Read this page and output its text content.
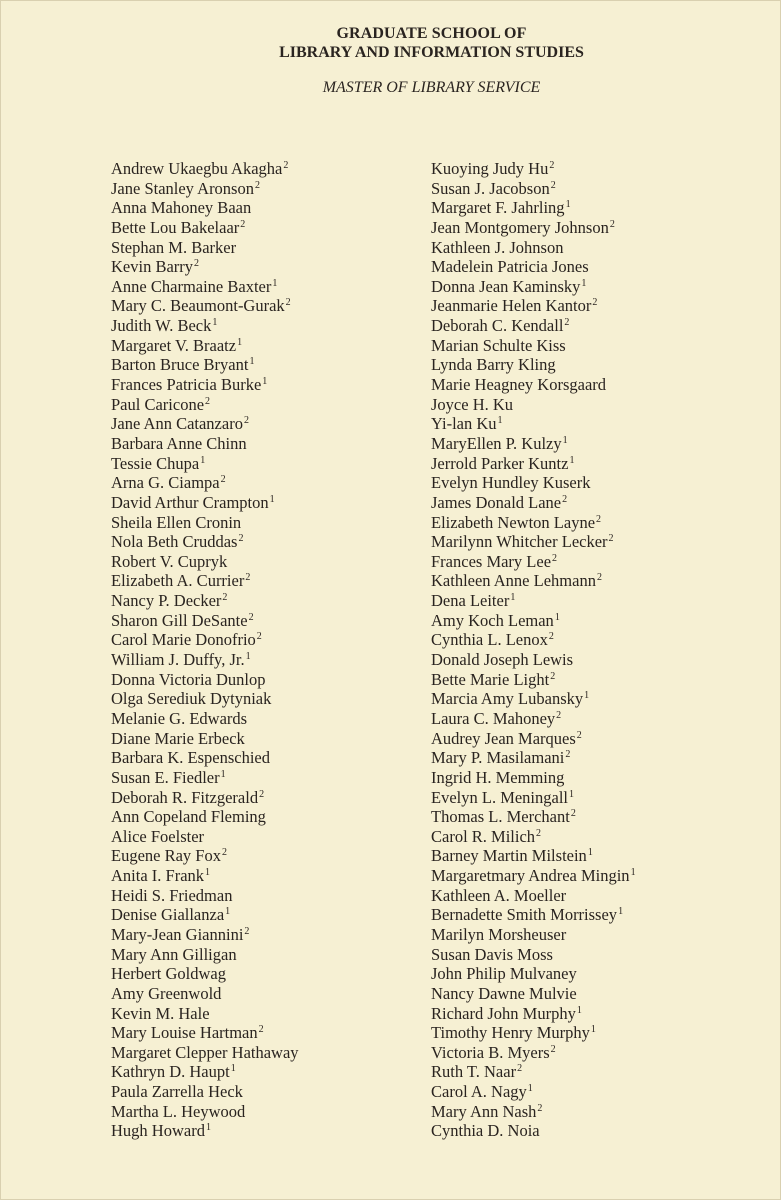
GRADUATE SCHOOL OF
LIBRARY AND INFORMATION STUDIES
MASTER OF LIBRARY SERVICE
Andrew Ukaegbu Akagha$^2$
Jane Stanley Aronson$^2$
Anna Mahoney Baan
Bette Lou Bakelaar$^2$
Stephan M. Barker
Kevin Barry$^2$
Anne Charmaine Baxter$^1$
Mary C. Beaumont-Gurak$^2$
Judith W. Beck$^1$
Margaret V. Braatz$^1$
Barton Bruce Bryant$^1$
Frances Patricia Burke$^1$
Paul Caricone$^2$
Jane Ann Catanzaro$^2$
Barbara Anne Chinn
Tessie Chupa$^1$
Arna G. Ciampa$^2$
David Arthur Crampton$^1$
Sheila Ellen Cronin
Nola Beth Cruddas$^2$
Robert V. Cupryk
Elizabeth A. Currier$^2$
Nancy P. Decker$^2$
Sharon Gill DeSante$^2$
Carol Marie Donofrio$^2$
William J. Duffy, Jr.$^1$
Donna Victoria Dunlop
Olga Serediuk Dytyniak
Melanie G. Edwards
Diane Marie Erbeck
Barbara K. Espenschied
Susan E. Fiedler$^1$
Deborah R. Fitzgerald$^2$
Ann Copeland Fleming
Alice Foelster
Eugene Ray Fox$^2$
Anita I. Frank$^1$
Heidi S. Friedman
Denise Giallanza$^1$
Mary-Jean Giannini$^2$
Mary Ann Gilligan
Herbert Goldwag
Amy Greenwold
Kevin M. Hale
Mary Louise Hartman$^2$
Margaret Clepper Hathaway
Kathryn D. Haupt$^1$
Paula Zarrella Heck
Martha L. Heywood
Hugh Howard$^1$
Kuoying Judy Hu$^2$
Susan J. Jacobson$^2$
Margaret F. Jahrling$^1$
Jean Montgomery Johnson$^2$
Kathleen J. Johnson
Madelein Patricia Jones
Donna Jean Kaminsky$^1$
Jeanmarie Helen Kantor$^2$
Deborah C. Kendall$^2$
Marian Schulte Kiss
Lynda Barry Kling
Marie Heagney Korsgaard
Joyce H. Ku
Yi-lan Ku$^1$
MaryEllen P. Kulzy$^1$
Jerrold Parker Kuntz$^1$
Evelyn Hundley Kuserk
James Donald Lane$^2$
Elizabeth Newton Layne$^2$
Marilynn Whitcher Lecker$^2$
Frances Mary Lee$^2$
Kathleen Anne Lehmann$^2$
Dena Leiter$^1$
Amy Koch Leman$^1$
Cynthia L. Lenox$^2$
Donald Joseph Lewis
Bette Marie Light$^2$
Marcia Amy Lubansky$^1$
Laura C. Mahoney$^2$
Audrey Jean Marques$^2$
Mary P. Masilamani$^2$
Ingrid H. Memming
Evelyn L. Meningall$^1$
Thomas L. Merchant$^2$
Carol R. Milich$^2$
Barney Martin Milstein$^1$
Margaretmary Andrea Mingin$^1$
Kathleen A. Moeller
Bernadette Smith Morrissey$^1$
Marilyn Morsheuser
Susan Davis Moss
John Philip Mulvaney
Nancy Dawne Mulvie
Richard John Murphy$^1$
Timothy Henry Murphy$^1$
Victoria B. Myers$^2$
Ruth T. Naar$^2$
Carol A. Nagy$^1$
Mary Ann Nash$^2$
Cynthia D. Noia
